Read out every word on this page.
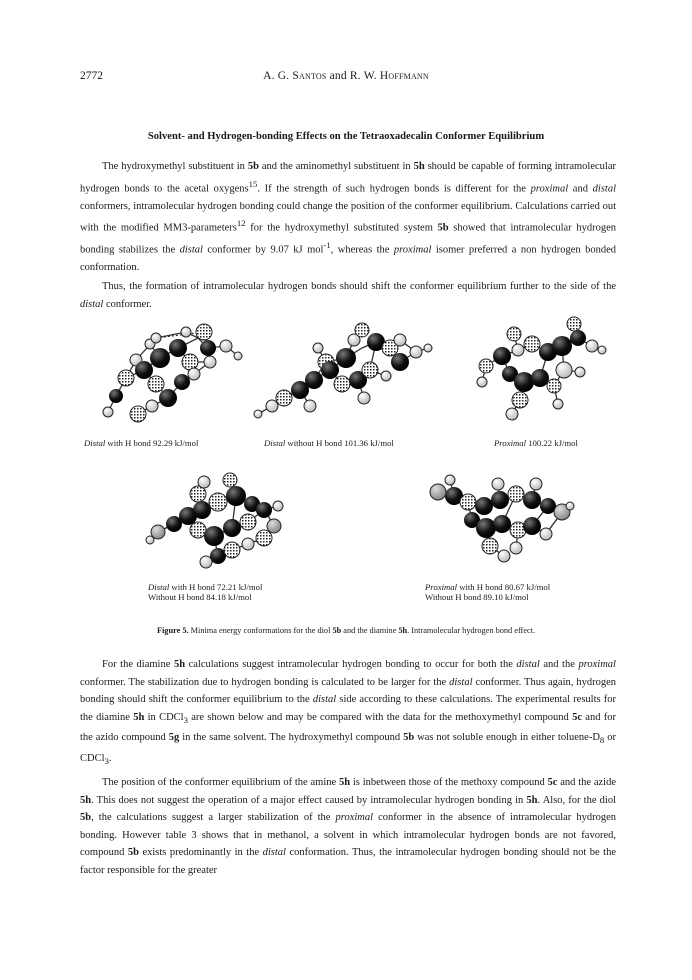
2772	A. G. Santos and R. W. Hoffmann
Solvent- and Hydrogen-bonding Effects on the Tetraoxadecalin Conformer Equilibrium

The hydroxymethyl substituent in 5b and the aminomethyl substituent in 5h should be capable of forming intramolecular hydrogen bonds to the acetal oxygens$^{15}$. If the strength of such hydrogen bonds is different for the proximal and distal conformers, intramolecular hydrogen bonding could change the position of the conformer equilibrium. Calculations carried out with the modified MM3-parameters$^{12}$ for the hydroxymethyl substituted system 5b showed that intramolecular hydrogen bonding stabilizes the distal conformer by 9.07 kJ mol$^{-1}$, whereas the proximal isomer preferred a non hydrogen bonded conformation.

Thus, the formation of intramolecular hydrogen bonds should shift the conformer equilibrium further to the side of the distal conformer.

Distal with H bond 92.29 kJ/mol	Distal without H bond 101.36 kJ/mol	Proximal 100.22 kJ/mol
Distal with H bond 72.21 kJ/mol
Without H bond 84.18 kJ/mol
Proximal with H bond 80.67 kJ/mol
Without H bond 89.10 kJ/mol
Figure 5. Minima energy conformations for the diol 5b and the diamine 5h. Intramolecular hydrogen bond effect.

For the diamine 5h calculations suggest intramolecular hydrogen bonding to occur for both the distal and the proximal conformer. The stabilization due to hydrogen bonding is calculated to be larger for the distal conformer. Thus again, hydrogen bonding should shift the conformer equilibrium to the distal side according to these calculations. The experimental results for the diamine 5h in CDCl$_3$ are shown below and may be compared with the data for the methoxymethyl compound 5c and for the azido compound 5g in the same solvent. The hydroxymethyl compound 5b was not soluble enough in either toluene-$D_8$ or CDCl$_3$.

The position of the conformer equilibrium of the amine 5h is inbetween those of the methoxy compound 5c and the azide 5h. This does not suggest the operation of a major effect caused by intramolecular hydrogen bonding in 5h. Also, for the diol 5b, the calculations suggest a larger stabilization of the proximal conformer in the absence of intramolecular hydrogen bonding. However table 3 shows that in methanol, a solvent in which intramolecular hydrogen bonds are not favored, compound 5b exists predominantly in the distal conformation. Thus, the intramolecular hydrogen bonding should not be the factor responsible for the greater
